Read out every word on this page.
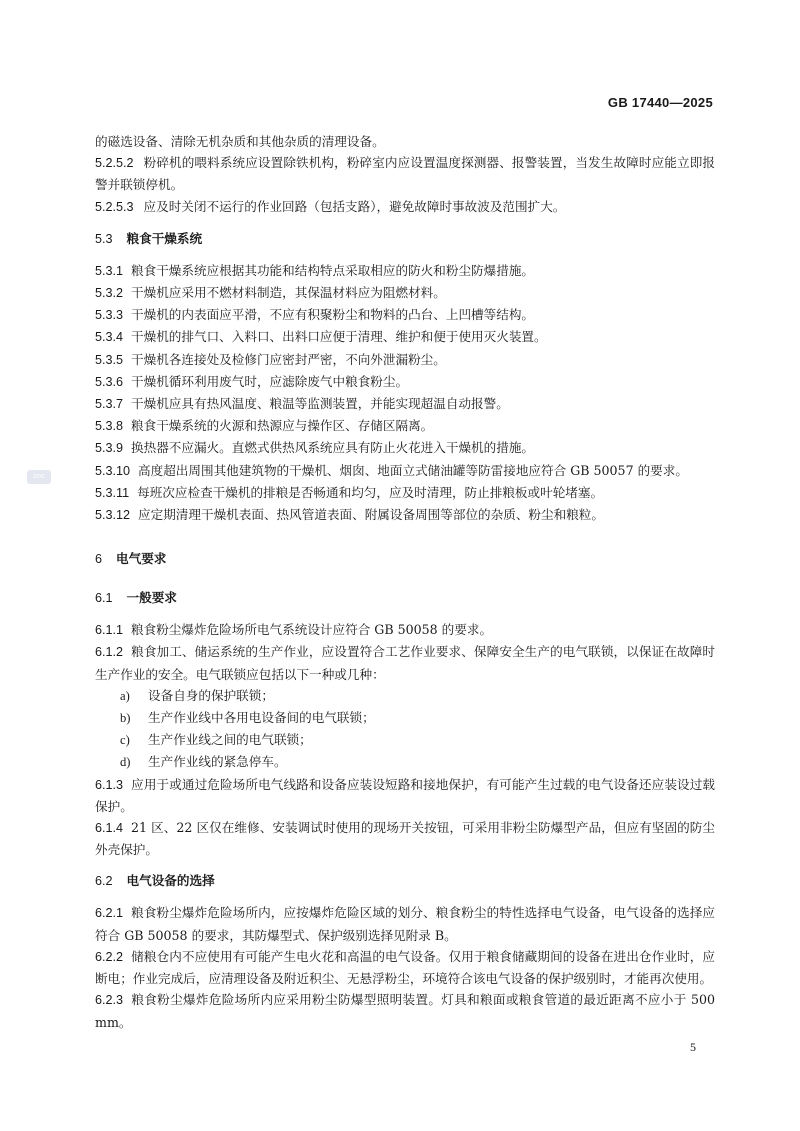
GB 17440—2025
cnc

的磁选设备、清除无机杂质和其他杂质的清理设备。

5.2.5.2 粉碎机的喂料系统应设置除铁机构，粉碎室内应设置温度探测器、报警装置，当发生故障时应能立即报警并联锁停机。

5.2.5.3 应及时关闭不运行的作业回路（包括支路），避免故障时事故波及范围扩大。

5.3 粮食干燥系统

5.3.1 粮食干燥系统应根据其功能和结构特点采取相应的防火和粉尘防爆措施。

5.3.2 干燥机应采用不燃材料制造，其保温材料应为阻燃材料。

5.3.3 干燥机的内表面应平滑，不应有积聚粉尘和物料的凸台、上凹槽等结构。

5.3.4 干燥机的排气口、入料口、出料口应便于清理、维护和便于使用灭火装置。

5.3.5 干燥机各连接处及检修门应密封严密，不向外泄漏粉尘。

5.3.6 干燥机循环利用废气时，应滤除废气中粮食粉尘。

5.3.7 干燥机应具有热风温度、粮温等监测装置，并能实现超温自动报警。

5.3.8 粮食干燥系统的火源和热源应与操作区、存储区隔离。

5.3.9 换热器不应漏火。直燃式供热风系统应具有防止火花进入干燥机的措施。

5.3.10 高度超出周围其他建筑物的干燥机、烟囱、地面立式储油罐等防雷接地应符合 GB 50057 的要求。

5.3.11 每班次应检查干燥机的排粮是否畅通和均匀，应及时清理，防止排粮板或叶轮堵塞。

5.3.12 应定期清理干燥机表面、热风管道表面、附属设备周围等部位的杂质、粉尘和粮粒。

6 电气要求

6.1 一般要求

6.1.1 粮食粉尘爆炸危险场所电气系统设计应符合 GB 50058 的要求。

6.1.2 粮食加工、储运系统的生产作业，应设置符合工艺作业要求、保障安全生产的电气联锁，以保证在故障时生产作业的安全。电气联锁应包括以下一种或几种：

a) 设备自身的保护联锁；

b) 生产作业线中各用电设备间的电气联锁；

c) 生产作业线之间的电气联锁；

d) 生产作业线的紧急停车。

6.1.3 应用于或通过危险场所电气线路和设备应装设短路和接地保护，有可能产生过载的电气设备还应装设过载保护。

6.1.4 21 区、22 区仅在维修、安装调试时使用的现场开关按钮，可采用非粉尘防爆型产品，但应有坚固的防尘外壳保护。

6.2 电气设备的选择

6.2.1 粮食粉尘爆炸危险场所内，应按爆炸危险区域的划分、粮食粉尘的特性选择电气设备，电气设备的选择应符合 GB 50058 的要求，其防爆型式、保护级别选择见附录 B。

6.2.2 储粮仓内不应使用有可能产生电火花和高温的电气设备。仅用于粮食储藏期间的设备在进出仓作业时，应断电；作业完成后，应清理设备及附近积尘、无悬浮粉尘，环境符合该电气设备的保护级别时，才能再次使用。

6.2.3 粮食粉尘爆炸危险场所内应采用粉尘防爆型照明装置。灯具和粮面或粮食管道的最近距离不应小于 500 mm。

5
